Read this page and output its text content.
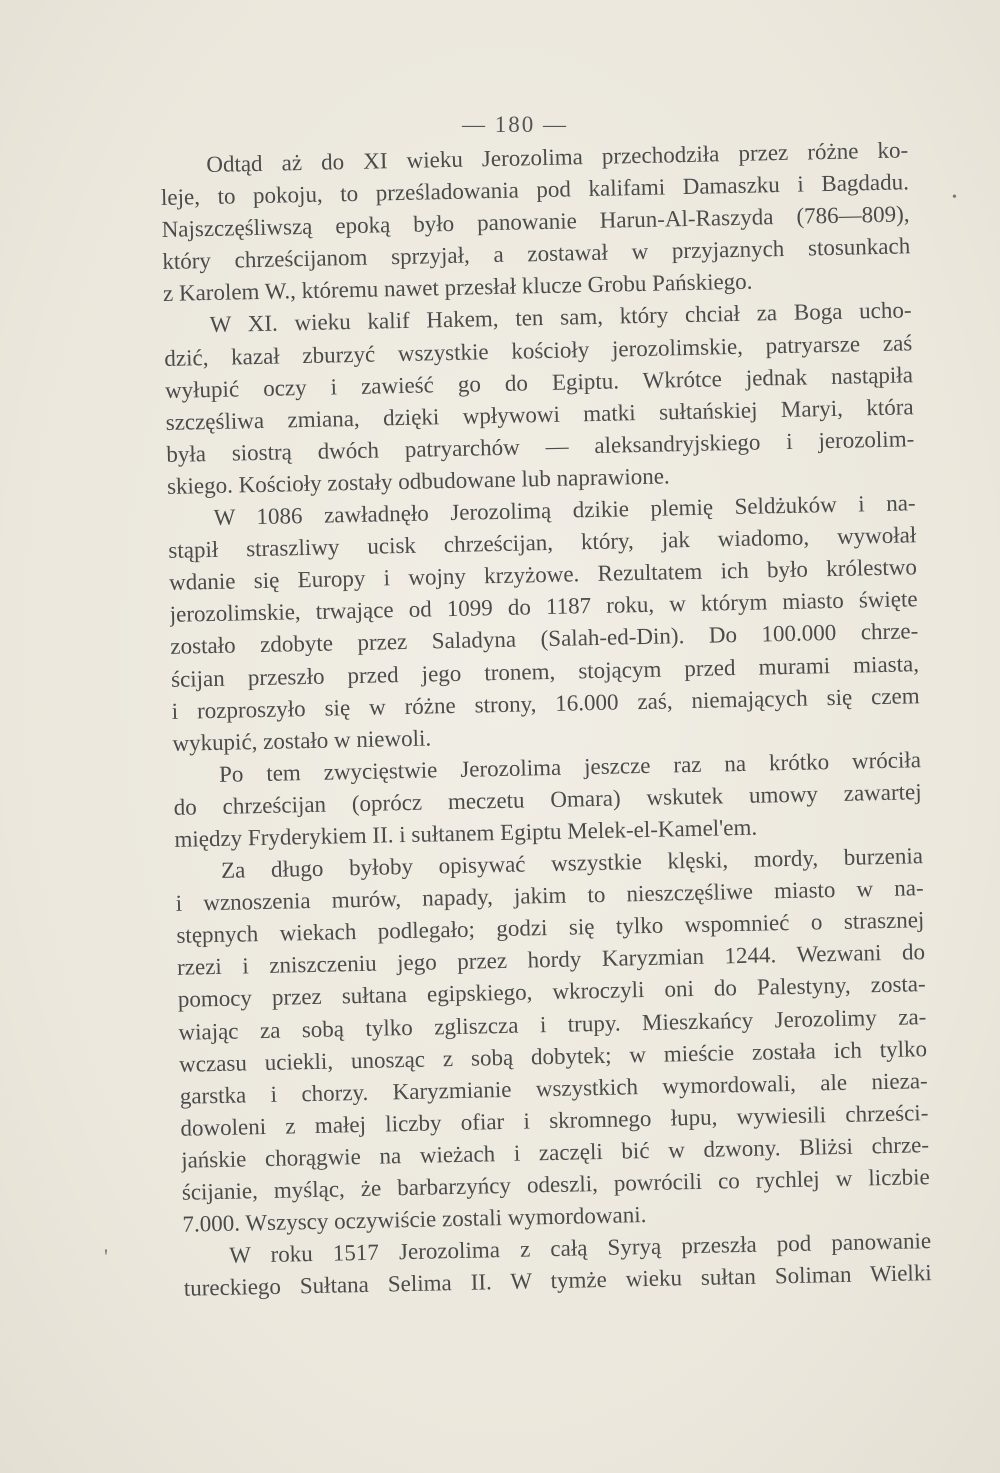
— 180 —
Odtąd aż do XI wieku Jerozolima przechodziła przez różne ko-
leje, to pokoju, to prześladowania pod kalifami Damaszku i Bagdadu.
Najszczęśliwszą epoką było panowanie Harun-Al-Raszyda (786—809),
który chrześcijanom sprzyjał, a zostawał w przyjaznych stosunkach
z Karolem W., któremu nawet przesłał klucze Grobu Pańskiego.
W XI. wieku kalif Hakem, ten sam, który chciał za Boga ucho-
dzić, kazał zburzyć wszystkie kościoły jerozolimskie, patryarsze zaś
wyłupić oczy i zawieść go do Egiptu. Wkrótce jednak nastąpiła
szczęśliwa zmiana, dzięki wpływowi matki sułtańskiej Maryi, która
była siostrą dwóch patryarchów — aleksandryjskiego i jerozolim-
skiego. Kościoły zostały odbudowane lub naprawione.
W 1086 zawładnęło Jerozolimą dzikie plemię Seldżuków i na-
stąpił straszliwy ucisk chrześcijan, który, jak wiadomo, wywołał
wdanie się Europy i wojny krzyżowe. Rezultatem ich było królestwo
jerozolimskie, trwające od 1099 do 1187 roku, w którym miasto święte
zostało zdobyte przez Saladyna (Salah-ed-Din). Do 100.000 chrze-
ścijan przeszło przed jego tronem, stojącym przed murami miasta,
i rozproszyło się w różne strony, 16.000 zaś, niemających się czem
wykupić, zostało w niewoli.
Po tem zwycięstwie Jerozolima jeszcze raz na krótko wróciła
do chrześcijan (oprócz meczetu Omara) wskutek umowy zawartej
między Fryderykiem II. i sułtanem Egiptu Melek-el-Kamel'em.
Za długo byłoby opisywać wszystkie klęski, mordy, burzenia
i wznoszenia murów, napady, jakim to nieszczęśliwe miasto w na-
stępnych wiekach podlegało; godzi się tylko wspomnieć o strasznej
rzezi i zniszczeniu jego przez hordy Karyzmian 1244. Wezwani do
pomocy przez sułtana egipskiego, wkroczyli oni do Palestyny, zosta-
wiając za sobą tylko zgliszcza i trupy. Mieszkańcy Jerozolimy za-
wczasu uciekli, unosząc z sobą dobytek; w mieście została ich tylko
garstka i chorzy. Karyzmianie wszystkich wymordowali, ale nieza-
dowoleni z małej liczby ofiar i skromnego łupu, wywiesili chrześci-
jańskie chorągwie na wieżach i zaczęli bić w dzwony. Bliżsi chrze-
ścijanie, myśląc, że barbarzyńcy odeszli, powrócili co rychlej w liczbie
7.000. Wszyscy oczywiście zostali wymordowani.
W roku 1517 Jerozolima z całą Syryą przeszła pod panowanie
tureckiego Sułtana Selima II. W tymże wieku sułtan Soliman Wielki
•
'
